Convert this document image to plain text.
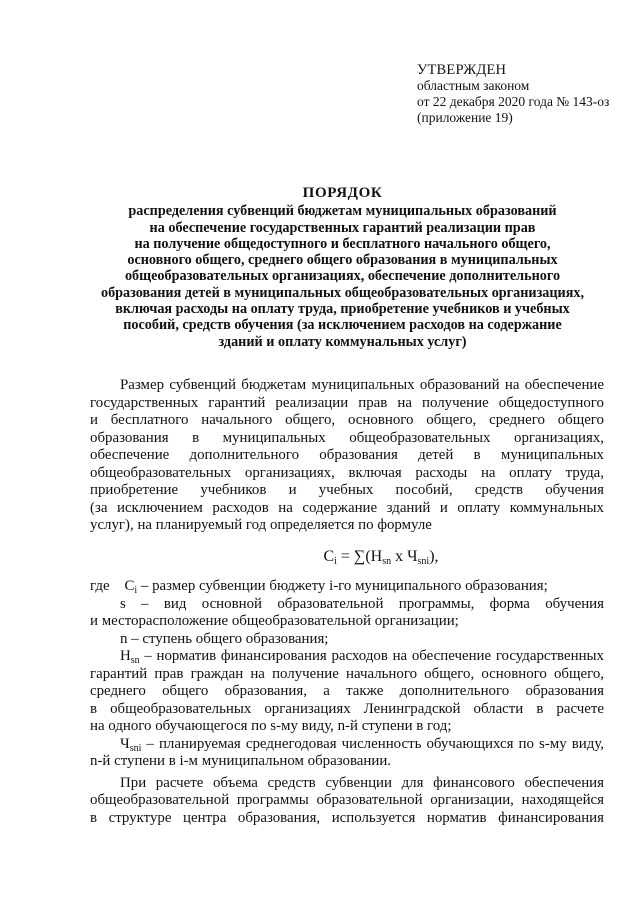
УТВЕРЖДЕН
областным законом
от 22 декабря 2020 года № 143-оз
(приложение 19)
ПОРЯДОК
распределения субвенций бюджетам муниципальных образований
на обеспечение государственных гарантий реализации прав
на получение общедоступного и бесплатного начального общего,
основного общего, среднего общего образования в муниципальных
общеобразовательных организациях, обеспечение дополнительного
образования детей в муниципальных общеобразовательных организациях,
включая расходы на оплату труда, приобретение учебников и учебных
пособий, средств обучения (за исключением расходов на содержание
зданий и оплату коммунальных услуг)
Размер субвенций бюджетам муниципальных образований на обеспечение
государственных гарантий реализации прав на получение общедоступного
и бесплатного начального общего, основного общего, среднего общего
образования в муниципальных общеобразовательных организациях,
обеспечение дополнительного образования детей в муниципальных
общеобразовательных организациях, включая расходы на оплату труда,
приобретение учебников и учебных пособий, средств обучения
(за исключением расходов на содержание зданий и оплату коммунальных
услуг), на планируемый год определяется по формуле
$C_i = \sum(H_{sn}$ x $Ч_{sni}$),
где $C_i$ – размер субвенции бюджету i-го муниципального образования;
s – вид основной образовательной программы, форма обучения
и месторасположение общеобразовательной организации;
n – ступень общего образования;
$H_{sn}$ – норматив финансирования расходов на обеспечение государственных
гарантий прав граждан на получение начального общего, основного общего,
среднего общего образования, а также дополнительного образования
в общеобразовательных организациях Ленинградской области в расчете
на одного обучающегося по s-му виду, n-й ступени в год;
$Ч_{sni}$ – планируемая среднегодовая численность обучающихся по s-му виду,
n-й ступени в i-м муниципальном образовании.
При расчете объема средств субвенции для финансового обеспечения
общеобразовательной программы образовательной организации, находящейся
в структуре центра образования, используется норматив финансирования
